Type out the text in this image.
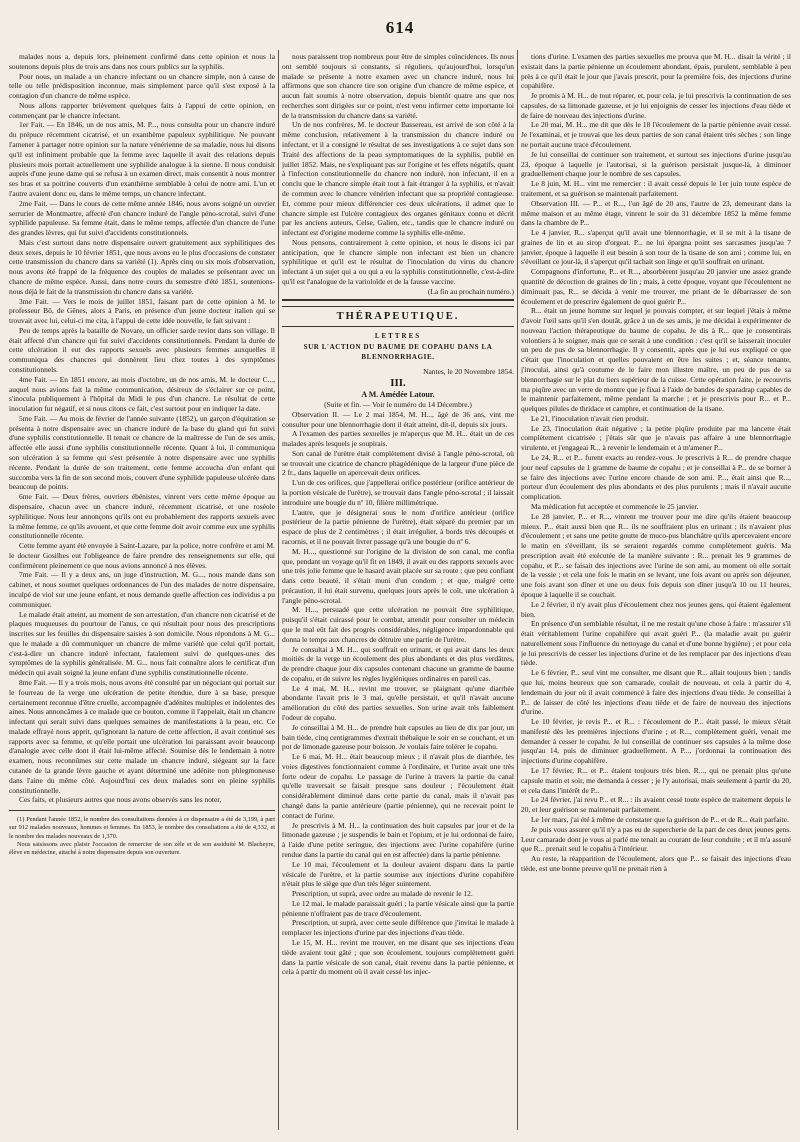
614

malades nous a, depuis lors, pleinement confirmé dans cette opinion et nous la soutenons depuis plus de trois ans dans nos cours publics sur la syphilis.

Pour nous, un malade a un chancre infectant ou un chancre simple, non à cause de telle ou telle prédisposition inconnue, mais simplement parce qu'il s'est exposé à la contagion d'un chancre de même espèce.

Nous allons rapporter brièvement quelques faits à l'appui de cette opinion, en commençant par le chancre infectant.

1er Fait. — En 1846, un de nos amis, M. P..., nous consulta pour un chancre induré du prépuce récemment cicatrisé, et un exanthème papuleux syphilitique. Ne pouvant l'amener à partager notre opinion sur la nature vénérienne de sa maladie, nous lui disons qu'il est infiniment probable que la femme avec laquelle il avait des relations depuis plusieurs mois portait actuellement une syphilide analogue à la sienne. Il nous conduisit auprès d'une jeune dame qui se refusa à un examen direct, mais consentit à nous montrer ses bras et sa poitrine couverts d'un exanthème semblable à celui de notre ami. L'un et l'autre avaient donc eu, dans le même temps, un chancre infectant.

2me Fait. — Dans le cours de cette même année 1846, nous avons soigné un ouvrier serrurier de Montmartre, affecté d'un chancre induré de l'angle péno-scrotal, suivi d'une syphilide papuleuse. Sa femme était, dans le même temps, affectée d'un chancre de l'une des grandes lèvres, qui fut suivi d'accidents constitutionnels.

Mais c'est surtout dans notre dispensaire ouvert gratuitement aux syphilitiques des deux sexes, depuis le 10 février 1851, que nous avons eu le plus d'occasions de constater cette transmission du chancre dans sa variété (1). Après cinq ou six mois d'observation, nous avons été frappé de la fréquence des couples de malades se présentant avec un chancre de même espèce. Aussi, dans notre cours du semestre d'été 1851, soutenions-nous déjà le fait de la transmission du chancre dans sa variété.

3me Fait. — Vers le mois de juillet 1851, faisant part de cette opinion à M. le professeur Bô, de Gênes, alors à Paris, en présence d'un jeune docteur italien qui se trouvait avec lui, celui-ci me cita, à l'appui de cette idée nouvelle, le fait suivant :

Peu de temps après la bataille de Novare, un officier sarde revint dans son village. Il était affecté d'un chancre qui fut suivi d'accidents constitutionnels. Pendant la durée de cette ulcération il eut des rapports sexuels avec plusieurs femmes auxquelles il communiqua des chancres qui donnèrent lieu chez toutes à des symptômes constitutionnels.

4me Fait. — En 1851 encore, au mois d'octobre, un de nos amis, M. le docteur C..., auquel nous avions fait la même communication, désireux de s'éclairer sur ce point, s'inocula publiquement à l'hôpital du Midi le pus d'un chancre. Le résultat de cette inoculation fut négatif, et si nous citons ce fait, c'est surtout pour en indiquer la date.

5me Fait. — Au mois de février de l'année suivante (1852), un garçon d'équitation se présenta à notre dispensaire avec un chancre induré de la base du gland qui fut suivi d'une syphilis constitutionnelle. Il tenait ce chancre de la maîtresse de l'un de ses amis, affectée elle aussi d'une syphilis constitutionnelle récente. Quant à lui, il communiqua son ulcération à sa femme qui s'est présentée à notre dispensaire avec une syphilis récente. Pendant la durée de son traitement, cette femme accoucha d'un enfant qui succomba vers la fin de son second mois, couvert d'une syphilide papuleuse ulcérée dans beaucoup de points.

6me Fait. — Deux frères, ouvriers ébénistes, vinrent vers cette même époque au dispensaire, chacun avec un chancre induré, récemment cicatrisé, et une roséole syphilitique. Nous leur annonçons qu'ils ont eu probablement des rapports sexuels avec la même femme, ce qu'ils avouent, et que cette femme doit avoir comme eux une syphilis constitutionnelle récente.

Cette femme ayant été envoyée à Saint-Lazare, par la police, notre confrère et ami M. le docteur Gosilhes eut l'obligeance de faire prendre des renseignements sur elle, qui confirmèrent pleinement ce que nous avions annoncé à nos élèves.

7me Fait. — Il y a deux ans, un juge d'instruction, M. G..., nous mande dans son cabinet, et nous soumet quelques ordonnances de l'un des malades de notre dispensaire, inculpé de viol sur une jeune enfant, et nous demande quelle affection ces individus a pu communiquer.

Le malade était atteint, au moment de son arrestation, d'un chancre non cicatrisé et de plaques muqueuses du pourtour de l'anus, ce qui résultait pour nous des prescriptions inscrites sur les feuilles du dispensaire saisies à son domicile. Nous répondons à M. G... que le malade a dû communiquer un chancre de même variété que celui qu'il portait, c'est-à-dire un chancre induré infectant, fatalement suivi de quelques-unes des symptômes de la syphilis généralisée. M. G... nous fait connaître alors le certificat d'un médecin qui avait soigné la jeune enfant d'une syphilis constitutionnelle récente.

8me Fait. — Il y a trois mois, nous avons été consulté par un négociant qui portait sur le fourreau de la verge une ulcération de petite étendue, dure à sa base, presque certainement reconnue d'être cruelle, accompagnée d'adénites multiples et indolentes des aines. Nous annoncâmes à ce malade que ce bouton, comme il l'appelait, était un chancre infectant qui serait suivi dans quelques semaines de manifestations à la peau, etc. Ce malade effrayé nous apprit, qu'ignorant la nature de cette affection, il avait continué ses rapports avec sa femme, et qu'elle portait une ulcération lui paraissant avoir beaucoup d'analogie avec celle dont il était lui-même affecté. Soumise dès le lendemain à notre examen, nous reconnûmes sur cette malade un chancre induré, siégeant sur la face cutanée de la grande lèvre gauche et ayant déterminé une adénite non phlegmoneuse dans l'aine du même côté. Aujourd'hui ces deux malades sont en pleine syphilis constitutionnelle.

Ces faits, et plusieurs autres que nous avons observés sans les noter,

(1) Pendant l'année 1852, le nombre des consultations données à ce dispensaire a été de 3,199, à part sur 912 malades nouveaux, hommes et femmes. En 1853, le nombre des consultations a été de 4,332, et le nombre des malades nouveaux de 1,370.

Nous saisissons avec plaisir l'occasion de remercier de son zèle et de son assiduité M. Blacheyre, élève en médecine, attaché à notre dispensaire depuis son ouverture.

nous paraissent trop nombreux pour être de simples coïncidences. Ils nous ont semblé toujours si constants, si réguliers, qu'aujourd'hui, lorsqu'un malade se présente à notre examen avec un chancre induré, nous lui affirmons que son chancre tire son origine d'un chancre de même espèce, et aucun fait soumis à notre observation, depuis bientôt quatre ans que nos recherches sont dirigées sur ce point, n'est venu infirmer cette importante loi de la transmission du chancre dans sa variété.

Un de nos confrères, M. le docteur Bassereau, est arrivé de son côté à la même conclusion, relativement à la transmission du chancre induré ou infectant, et il a consigné le résultat de ses investigations à ce sujet dans son Traité des affections de la peau symptomatiques de la syphilis, publié en juillet 1852. Mais, ne s'expliquant pas sur l'origine et les effets négatifs, quant à l'infection constitutionnelle du chancre non induré, non infectant, il en a conclu que le chancre simple était tout à fait étranger à la syphilis, et n'avait de commun avec le chancre vénérien infectant que sa propriété contagieuse. Et, comme pour mieux différencier ces deux ulcérations, il admet que le chancre simple est l'ulcère contagieux des organes génitaux connu et décrit par les anciens auteurs, Celse, Galien, etc., tandis que le chancre induré ou infectant est d'origine moderne comme la syphilis elle-même.

Nous pensons, contrairement à cette opinion, et nous le disons ici par anticipation, que le chancre simple non infectant est bien un chancre syphilitique et qu'il est le résultat de l'inoculation du virus du chancre infectant à un sujet qui a ou qui a eu la syphilis constitutionnelle, c'est-à-dire qu'il est l'analogue de la varioloïde et de la fausse vaccine.

(La fin au prochain numéro.)

THÉRAPEUTIQUE.
LETTRES
SUR L'ACTION DU BAUME DE COPAHU DANS LA BLENNORRHAGIE.

Nantes, le 20 Novembre 1854.

III.
A M. Amédée Latour.

(Suite et fin. — Voir le numéro du 14 Décembre.)

Observation II. — Le 2 mai 1854, M. H..., âgé de 36 ans, vint me consulter pour une blennorrhagie dont il était atteint, dit-il, depuis six jours.

A l'examen des parties sexuelles je m'aperçus que M. H... était un de ces malades après lesquels je soupirais.

Son canal de l'urètre était complètement divisé à l'angle péno-scrotal, où se trouvait une cicatrice de chancre phagédénique de la largeur d'une pièce de 2 fr., dans laquelle on apercevait deux orifices.

L'un de ces orifices, que j'appellerai orifice postérieur (orifice antérieur de la portion vésicale de l'urètre), se trouvait dans l'angle péno-scrotal ; il laissait introduire une bougie du nº 10, filière millimétrique.

L'autre, que je désignerai sous le nom d'orifice antérieur (orifice postérieur de la partie pénienne de l'urètre), était séparé du premier par un espace de plus de 2 centimètres ; il était irrégulier, à bords très découpés et racornis, et il ne pouvait livrer passage qu'à une bougie du nº 6.

M. H..., questionné sur l'origine de la division de son canal, me confia que, pendant un voyage qu'il fit en 1849, il avait eu des rapports sexuels avec une très jolie femme que le hasard avait placée sur sa route ; que peu confiant dans cette beauté, il s'était muni d'un condom ; et que, malgré cette précaution, il lui était survenu, quelques jours après le coït, une ulcération à l'angle péno-scrotal.

M. H..., persuadé que cette ulcération ne pouvait être syphilitique, puisqu'il s'était cuirassé pour le combat, attendit pour consulter un médecin que le mal eût fait des progrès considérables, négligence impardonnable qui donna le temps aux chancres de détruire une partie de l'urètre.

Je consultai à M. H... qui souffrait en urinant, et qui avait dans les deux moitiés de la verge un écoulement des plus abondants et des plus verdâtres, de prendre chaque jour dix capsules contenant chacune un gramme de baume de copahu, et de suivre les règles hygiéniques ordinaires en pareil cas.

Le 4 mai, M. H... revint me trouver, se plaignant qu'une diarrhée abondante l'avait pris le 3 mai, qu'elle persistait, et qu'il n'avait aucune amélioration du côté des parties sexuelles. Son urine avait très faiblement l'odeur de copahu.

Je conseillai à M. H... de prendre huit capsules au lieu de dix par jour, un bain tiède, cinq centigrammes d'extrait thébaïque le soir en se couchant, et un pot de limonade gazeuse pour boisson. Je voulais faire tolérer le copahu.

Le 6 mai, M. H... était beaucoup mieux ; il n'avait plus de diarrhée, les voies digestives fonctionnaient comme à l'ordinaire, et l'urine avait une très forte odeur de copahu. Le passage de l'urine à travers la partie du canal qu'elle traversait se faisait presque sans douleur ; l'écoulement était considérablement diminué dans cette partie du canal, mais il n'avait pas changé dans la partie antérieure (partie pénienne), qui ne recevait point le contact de l'urine.

Je prescrivis à M. H... la continuation des huit capsules par jour et de la limonade gazeuse ; je suspendis le bain et l'opium, et je lui ordonnai de faire, à l'aide d'une petite seringue, des injections avec l'urine copahifère (urine rendue dans la partie du canal qui en est affectée) dans la partie pénienne.

Le 10 mai, l'écoulement et la douleur avaient disparu dans la partie vésicale de l'urètre, et la partie soumise aux injections d'urine copahifère n'était plus le siège que d'un très léger suintement.

Prescription, ut suprà, avec ordre au malade de revenir le 12.

Le 12 mai, le malade paraissait guéri ; la partie vésicale ainsi que la partie pénienne n'offraient pas de trace d'écoulement.

Prescription, ut suprà, avec cette seule différence que j'invitai le malade à remplacer les injections d'urine par des injections d'eau tiède.

Le 15, M. H... revint me trouver, en me disant que ses injections d'eau tiède avaient tout gâté ; que son écoulement, toujours complètement guéri dans la partie vésicale de son canal, était revenu dans la partie pénienne, et cela à partir du moment où il avait cessé les injec-

tions d'urine. L'examen des parties sexuelles me prouva que M. H... disait la vérité ; il existait dans la partie pénienne un écoulement abondant, épais, purulent, semblable à peu près à ce qu'il était le jour que j'avais prescrit, pour la première fois, des injections d'urine copahifère.

Je promis à M. H... de tout réparer, et, pour cela, je lui prescrivis la continuation de ses capsules, de sa limonade gazeuse, et je lui enjoignis de cesser les injections d'eau tiède et de faire de nouveau des injections d'urine.

Le 20 mai, M. H... me dit que dès le 18 l'écoulement de la partie pénienne avait cessé. Je l'examinai, et je trouvai que les deux parties de son canal étaient très sèches ; son linge ne portait aucune trace d'écoulement.

Je lui conseillai de continuer son traitement, et surtout ses injections d'urine jusqu'au 23, époque à laquelle je l'autorisai, si la guérison persistait jusque-là, à diminuer graduellement chaque jour le nombre de ses capsules.

Le 8 juin, M. H... vint me remercier : il avait cessé depuis le 1er juin toute espèce de traitement, et sa guérison se maintenait parfaitement.

Observation III. — P... et R..., l'un âgé de 20 ans, l'autre de 23, demeurant dans la même maison et au même étage, vinrent le soir du 31 décembre 1852 la même femme dans la chambre de P...

Le 4 janvier, R... s'aperçut qu'il avait une blennorrhagie, et il se mit à la tisane de graines de lin et au sirop d'orgeat. P... ne lui épargna point ses sarcasmes jusqu'au 7 janvier, époque à laquelle il eut besoin à son tour de la tisane de son ami ; comme lui, en s'éveillant ce jour-là, il s'aperçut qu'il tachait son linge et qu'il souffrait en urinant.

Compagnons d'infortune, P... et R..., absorbèrent jusqu'au 20 janvier une assez grande quantité de décoction de graines de lin ; mais, à cette époque, voyant que l'écoulement ne diminuait pas, R... se décida à venir me trouver, me priant de le débarrasser de son écoulement et de prescrire également de quoi guérir P...

R... était un jeune homme sur lequel je pouvais compter, et sur lequel j'étais à même d'avoir l'œil sans qu'il s'en doutât, grâce à un de ses amis, je me décidai à expérimenter de nouveau l'action thérapeutique du baume de copahu. Je dis à R... que je consentirais volontiers à le soigner, mais que ce serait à une condition : c'est qu'il se laisserait inoculer un peu de pus de sa blennorrhagie. Il y consentit, après que je lui eus expliqué ce que c'était que l'inoculation et quelles pouvaient en être les suites ; et, séance tenante, j'inoculai, ainsi qu'à coutume de le faire mon illustre maître, un peu de pus de sa blennorrhagie sur le plat du tiers supérieur de la cuisse. Cette opération faite, je recouvris ma piqûre avec un verre de montre que je fixai à l'aide de bandes de sparadrap capables de le maintenir parfaitement, même pendant la marche ; et je prescrivis pour R... et P... quelques pilules de thridace et camphre, et continuation de la tisane.

Le 21, l'inoculation n'avait rien produit.

Le 23, l'inoculation était négative ; la petite piqûre produite par ma lancette était complètement cicatrisée ; j'étais sûr que je n'avais pas affaire à une blennorrhagie virulente, et j'engageai R... à revenir le lendemain et à m'amener P...

Le 24, R... et P... furent exacts au rendez-vous. Je prescrivis à R... de prendre chaque jour neuf capsules de 1 gramme de baume de copahu ; et je conseillai à P... de se borner à se faire des injections avec l'urine encore chaude de son ami. P..., était ainsi que R..., porteur d'un écoulement des plus abondants et des plus purulents ; mais il n'avait aucune complication.

Ma médication fut acceptée et commencée le 25 janvier.

Le 28 janvier, P... et R..., vinrent me trouver pour me dire qu'ils étaient beaucoup mieux. P... était aussi bien que R... ils ne souffraient plus en urinant ; ils n'avaient plus d'écoulement ; et sans une petite goutte de muco-pus blanchâtre qu'ils apercevaient encore le matin en s'éveillant, ils se seraient regardés comme complètement guéris. Ma prescription avait été exécutée de la manière suivante : R... prenait les 9 grammes de copahu, et P... se faisait des injections avec l'urine de son ami, au moment où elle sortait de la vessie ; et cela une fois le matin en se levant, une fois avant ou après son déjeuner, une fois avant son dîner et une ou deux fois depuis son dîner jusqu'à 10 ou 11 heures, époque à laquelle il se couchait.

Le 2 février, il n'y avait plus d'écoulement chez nos jeunes gens, qui étaient également bien.

En présence d'un semblable résultat, il ne me restait qu'une chose à faire : m'assurer s'il était véritablement l'urine copahifère qui avait guéri P... (la maladie avait pu guérir naturellement sous l'influence du nettoyage du canal et d'une bonne hygiène) ; et pour cela je lui prescrivis de cesser les injections d'urine et de les remplacer par des injections d'eau tiède.

Le 6 février, P... seul vint me consulter, me disant que R... allait toujours bien ; tandis que lui, moins heureux que son camarade, coulait de nouveau, et cela à partir du 4, lendemain du jour où il avait commencé à faire des injections d'eau tiède. Je conseillai à P... de laisser de côté les injections d'eau tiède et de faire de nouveau des injections d'urine.

Le 10 février, je revis P... et R... : l'écoulement de P... était passé, le mieux s'était manifesté dès les premières injections d'urine ; et R..., complètement guéri, venait me demander à cesser le copahu. Je lui conseillai de continuer ses capsules à la même dose jusqu'au 14, puis de diminuer graduellement. A P..., j'ordonnai la continuation des injections d'urine copahifère.

Le 17 février, R... et P... étaient toujours très bien. R..., qui ne prenait plus qu'une capsule matin et soir, me demanda à cesser ; je l'y autorisai, mais seulement à partir du 20, et cela dans l'intérêt de P...

Le 24 février, j'ai revu P... et R... : ils avaient cessé toute espèce de traitement depuis le 20, et leur guérison se maintenait parfaitement.

Le 1er mars, j'ai été à même de constater que la guérison de P... et de R... était parfaite.

Je puis vous assurer qu'il n'y a pas eu de supercherie de la part de ces deux jeunes gens. Leur camarade dont je vous ai parlé me tenait au courant de leur conduite ; et il m'a assuré que R... prenait seul le copahu à l'intérieur.

Au reste, la réapparition de l'écoulement, alors que P... se faisait des injections d'eau tiède, est une bonne preuve qu'il ne prenait rien à
